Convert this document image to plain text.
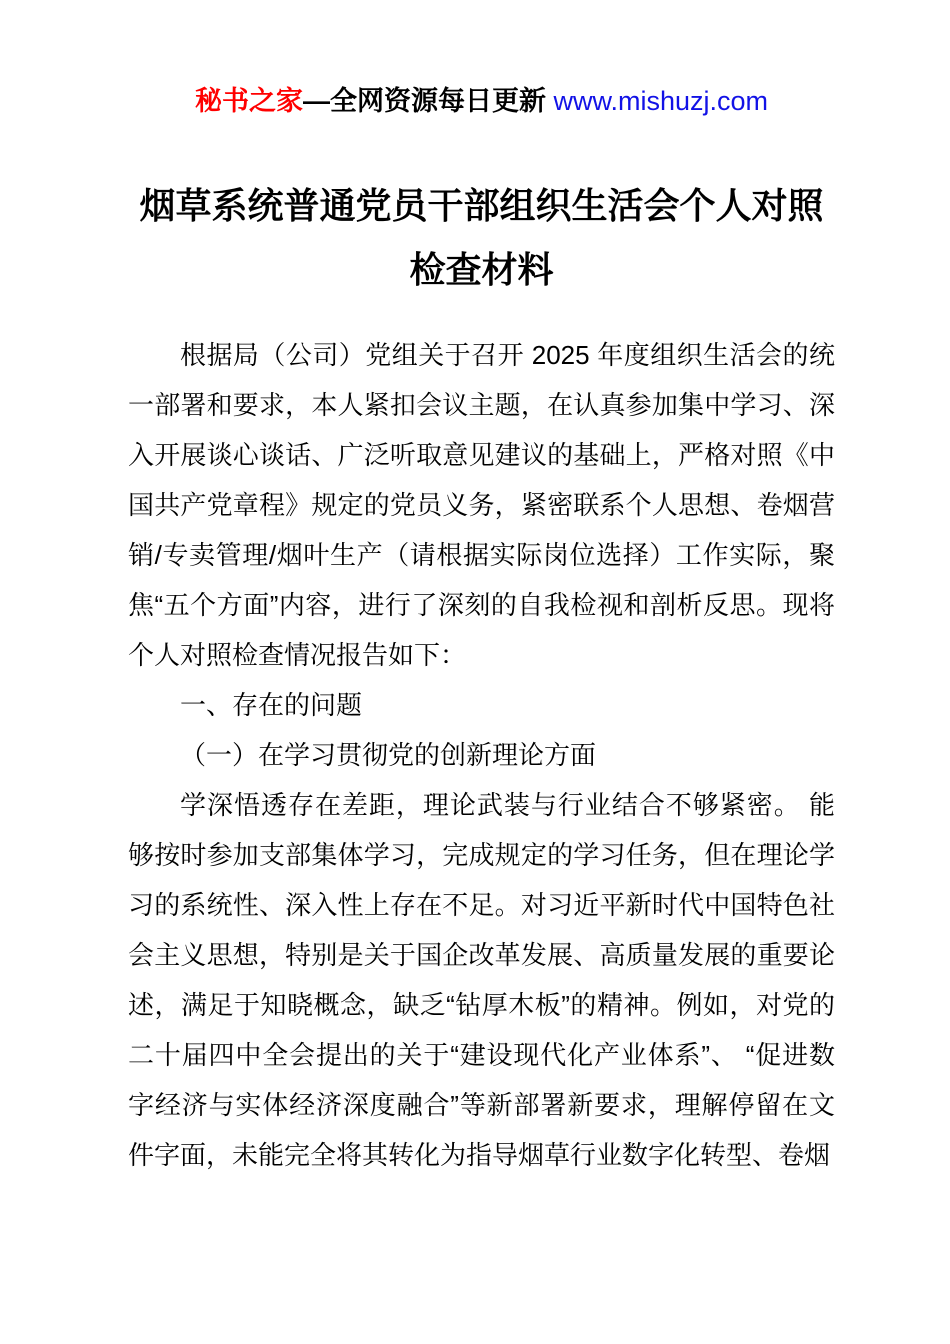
秘书之家—全网资源每日更新 www.mishuzj.com
烟草系统普通党员干部组织生活会个人对照检查材料

根据局（公司）党组关于召开 2025 年度组织生活会的统一部署和要求，本人紧扣会议主题，在认真参加集中学习、深入开展谈心谈话、广泛听取意见建议的基础上，严格对照《中国共产党章程》规定的党员义务，紧密联系个人思想、卷烟营销/专卖管理/烟叶生产（请根据实际岗位选择）工作实际，聚焦“五个方面”内容，进行了深刻的自我检视和剖析反思。现将个人对照检查情况报告如下：

一、存在的问题

（一）在学习贯彻党的创新理论方面

学深悟透存在差距，理论武装与行业结合不够紧密。 能够按时参加支部集体学习，完成规定的学习任务，但在理论学习的系统性、深入性上存在不足。对习近平新时代中国特色社会主义思想，特别是关于国企改革发展、高质量发展的重要论述，满足于知晓概念，缺乏“钻厚木板”的精神。例如，对党的二十届四中全会提出的关于“建设现代化产业体系”、 “促进数字经济与实体经济深度融合”等新部署新要求，理解停留在文件字面，未能完全将其转化为指导烟草行业数字化转型、卷烟
